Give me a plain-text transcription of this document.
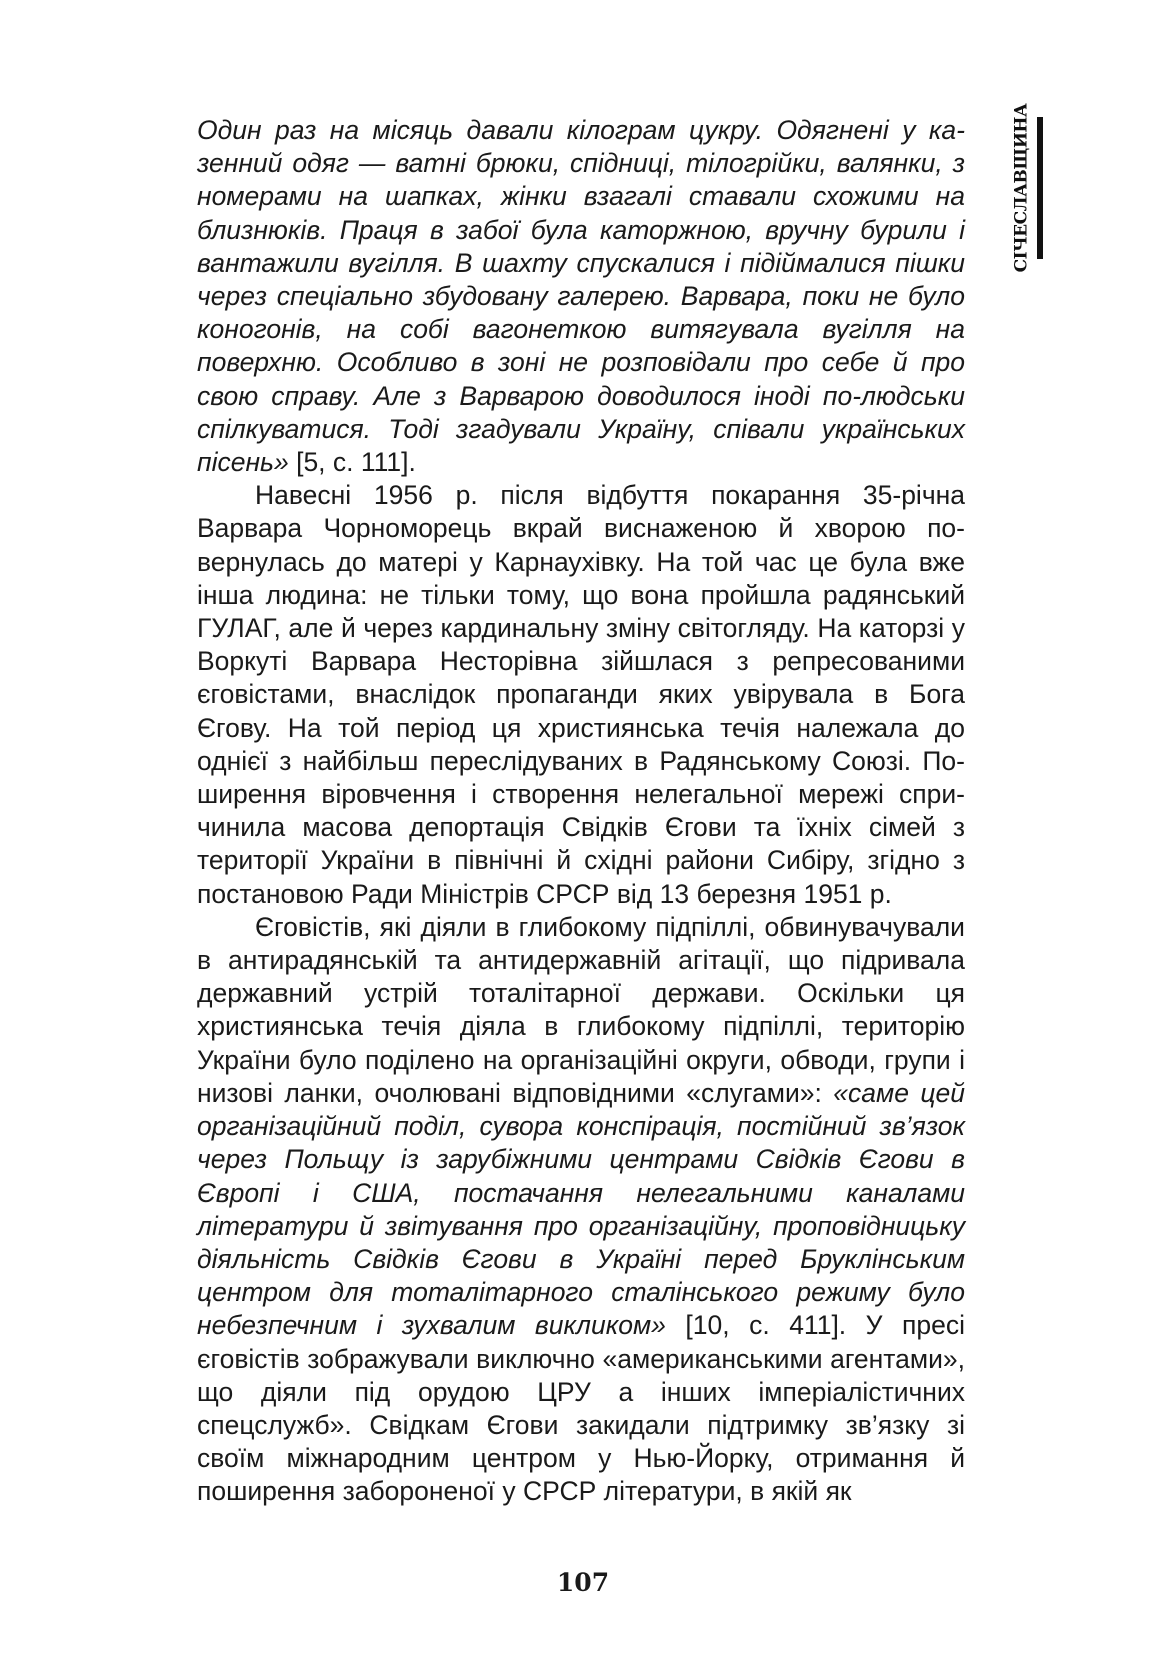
СІЧЕСЛАВЩИНА

Один раз на місяць давали кілограм цукру. Одягнені у казенний одяг — ватні брюки, спідниці, тілогрійки, валянки, з номерами на шапках, жінки взагалі ставали схожими на близнюків. Праця в забої була каторжною, вручну бурили і вантажили вугілля. В шахту спускалися і підіймалися пішки через спеціально збудовану галерею. Варвара, поки не було коногонів, на собі вагонеткою витягувала вугілля на поверхню. Особливо в зоні не розповідали про себе й про свою справу. Але з Варварою доводилося іноді по-людськи спілкуватися. Тоді згадували Україну, співали українських пісень» [5, с. 111].

Навесні 1956 р. після відбуття покарання 35-річна Варвара Чорноморець вкрай виснаженою й хворою повернулась до матері у Карнаухівку. На той час це була вже інша людина: не тільки тому, що вона пройшла радянський ГУЛАГ, але й через кардинальну зміну світогляду. На каторзі у Воркуті Варвара Несторівна зійшлася з репресованими єговістами, внаслідок пропаганди яких увірувала в Бога Єгову. На той період ця християнська течія належала до однієї з найбільш переслідуваних в Радянському Союзі. Поширення віровчення і створення нелегальної мережі спричинила масова депортація Свідків Єгови та їхніх сімей з території України в північні й східні райони Сибіру, згідно з постановою Ради Міністрів СРСР від 13 березня 1951 р.

Єговістів, які діяли в глибокому підпіллі, обвинувачували в антирадянській та антидержавній агітації, що підривала державний устрій тоталітарної держави. Оскільки ця християнська течія діяла в глибокому підпіллі, територію України було поділено на організаційні округи, обводи, групи і низові ланки, очолювані відповідними «слугами»: «саме цей організаційний поділ, сувора конспірація, постійний зв’язок через Польщу із зарубіжними центрами Свідків Єгови в Європі і США, постачання нелегальними каналами літератури й звітування про організаційну, проповідницьку діяльність Свідків Єгови в Україні перед Бруклінським центром для тоталітарного сталінського режиму було небезпечним і зухвалим викликом» [10, с. 411]. У пресі єговістів зображували виключно «американськими агентами», що діяли під орудою ЦРУ а інших імперіалістичних спецслужб». Свідкам Єгови закидали підтримку зв’язку зі своїм міжнародним центром у Нью-Йорку, отримання й поширення забороненої у СРСР літератури, в якій як

107
